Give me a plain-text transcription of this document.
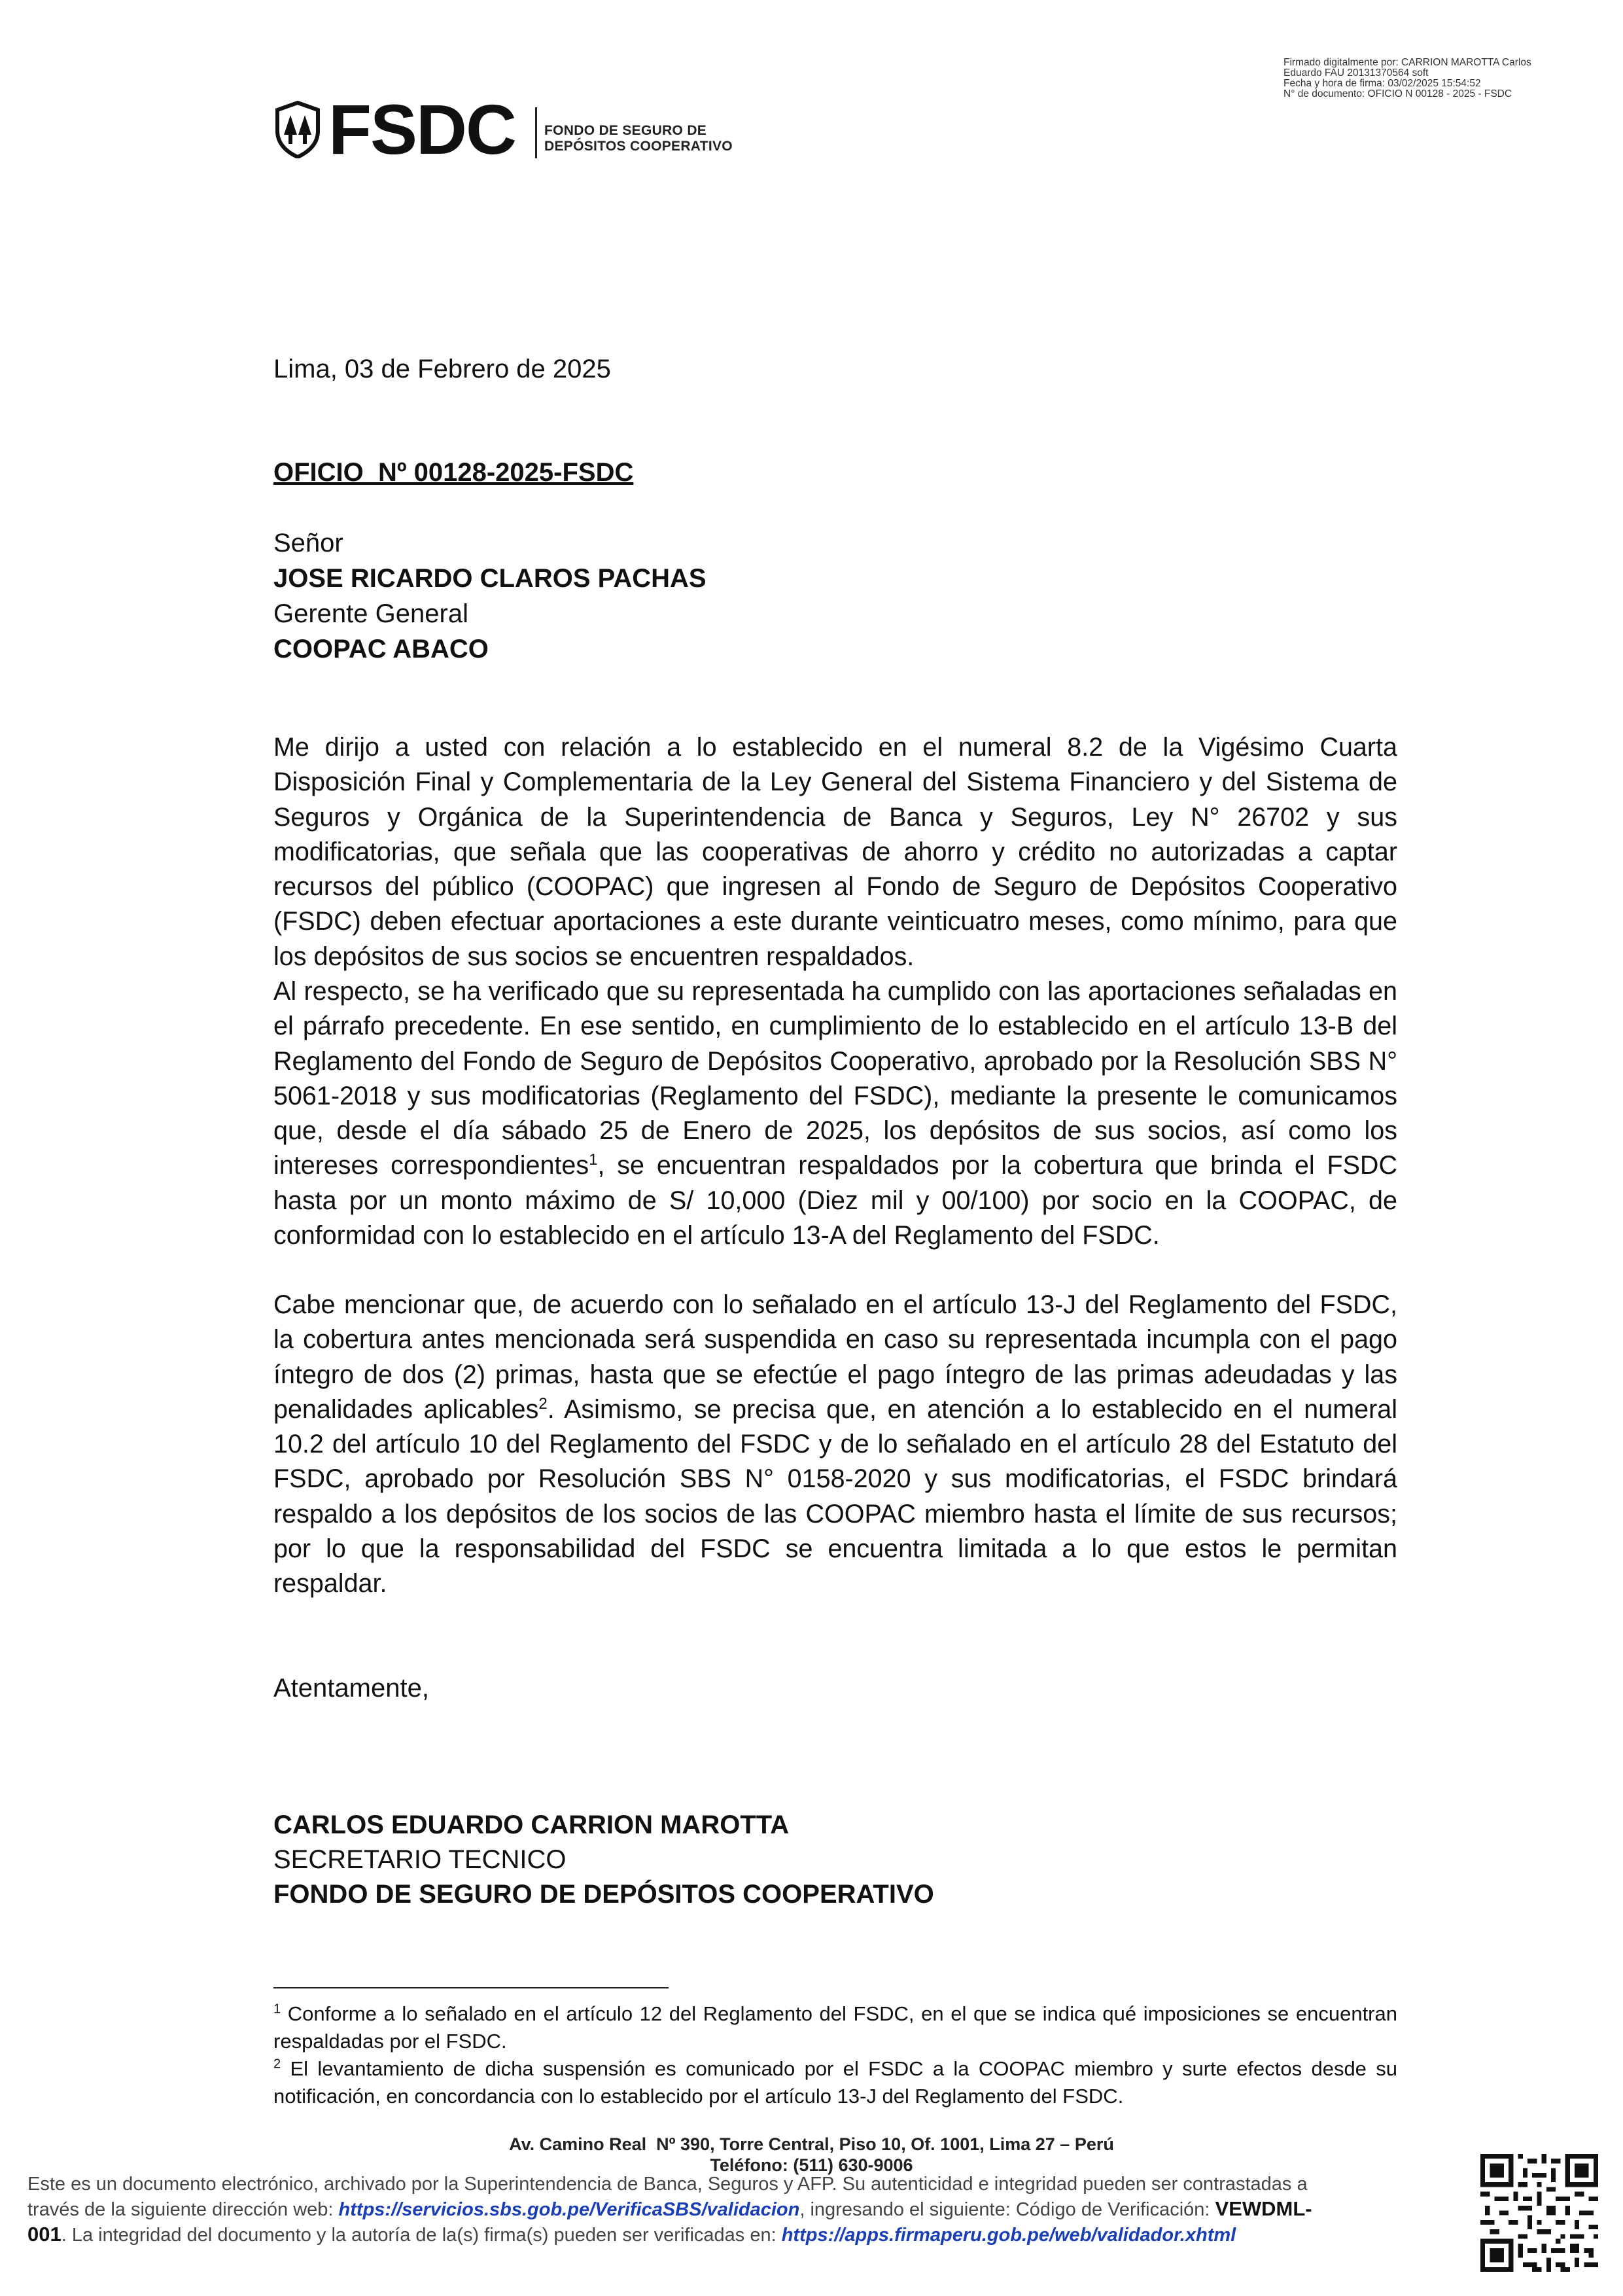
Firmado digitalmente por: CARRION MAROTTA Carlos
Eduardo FAU 20131370564 soft
Fecha y hora de firma: 03/02/2025 15:54:52
N° de documento: OFICIO N 00128 - 2025 - FSDC
FSDC FONDO DE SEGURO DE
DEPÓSITOS COOPERATIVO
Lima, 03 de Febrero de 2025
OFICIO  Nº 00128-2025-FSDC
Señor
JOSE RICARDO CLAROS PACHAS
Gerente General
COOPAC ABACO
Me dirijo a usted con relación a lo establecido en el numeral 8.2 de la Vigésimo Cuarta Disposición Final y Complementaria de la Ley General del Sistema Financiero y del Sistema de Seguros y Orgánica de la Superintendencia de Banca y Seguros, Ley N° 26702 y sus modificatorias, que señala que las cooperativas de ahorro y crédito no autorizadas a captar recursos del público (COOPAC) que ingresen al Fondo de Seguro de Depósitos Cooperativo (FSDC) deben efectuar aportaciones a este durante veinticuatro meses, como mínimo, para que los depósitos de sus socios se encuentren respaldados.
Al respecto, se ha verificado que su representada ha cumplido con las aportaciones señaladas en el párrafo precedente. En ese sentido, en cumplimiento de lo establecido en el artículo 13-B del Reglamento del Fondo de Seguro de Depósitos Cooperativo, aprobado por la Resolución SBS N° 5061-2018 y sus modificatorias (Reglamento del FSDC), mediante la presente le comunicamos que, desde el día sábado 25 de Enero de 2025, los depósitos de sus socios, así como los intereses correspondientes$^1$, se encuentran respaldados por la cobertura que brinda el FSDC hasta por un monto máximo de S/ 10,000 (Diez mil y 00/100) por socio en la COOPAC, de conformidad con lo establecido en el artículo 13-A del Reglamento del FSDC.
Cabe mencionar que, de acuerdo con lo señalado en el artículo 13-J del Reglamento del FSDC, la cobertura antes mencionada será suspendida en caso su representada incumpla con el pago íntegro de dos (2) primas, hasta que se efectúe el pago íntegro de las primas adeudadas y las penalidades aplicables$^2$. Asimismo, se precisa que, en atención a lo establecido en el numeral 10.2 del artículo 10 del Reglamento del FSDC y de lo señalado en el artículo 28 del Estatuto del FSDC, aprobado por Resolución SBS N° 0158-2020 y sus modificatorias, el FSDC brindará respaldo a los depósitos de los socios de las COOPAC miembro hasta el límite de sus recursos; por lo que la responsabilidad del FSDC se encuentra limitada a lo que estos le permitan respaldar.
Atentamente,
CARLOS EDUARDO CARRION MAROTTA
SECRETARIO TECNICO
FONDO DE SEGURO DE DEPÓSITOS COOPERATIVO
$^1$ Conforme a lo señalado en el artículo 12 del Reglamento del FSDC, en el que se indica qué imposiciones se encuentran respaldadas por el FSDC.
$^2$ El levantamiento de dicha suspensión es comunicado por el FSDC a la COOPAC miembro y surte efectos desde su notificación, en concordancia con lo establecido por el artículo 13-J del Reglamento del FSDC.
Av. Camino Real  Nº 390, Torre Central, Piso 10, Of. 1001, Lima 27 – Perú
Teléfono: (511) 630-9006
Este es un documento electrónico, archivado por la Superintendencia de Banca, Seguros y AFP. Su autenticidad e integridad pueden ser contrastadas a través de la siguiente dirección web: https://servicios.sbs.gob.pe/VerificaSBS/validacion, ingresando el siguiente: Código de Verificación: VEWDML-001. La integridad del documento y la autoría de la(s) firma(s) pueden ser verificadas en: https://apps.firmaperu.gob.pe/web/validador.xhtml
